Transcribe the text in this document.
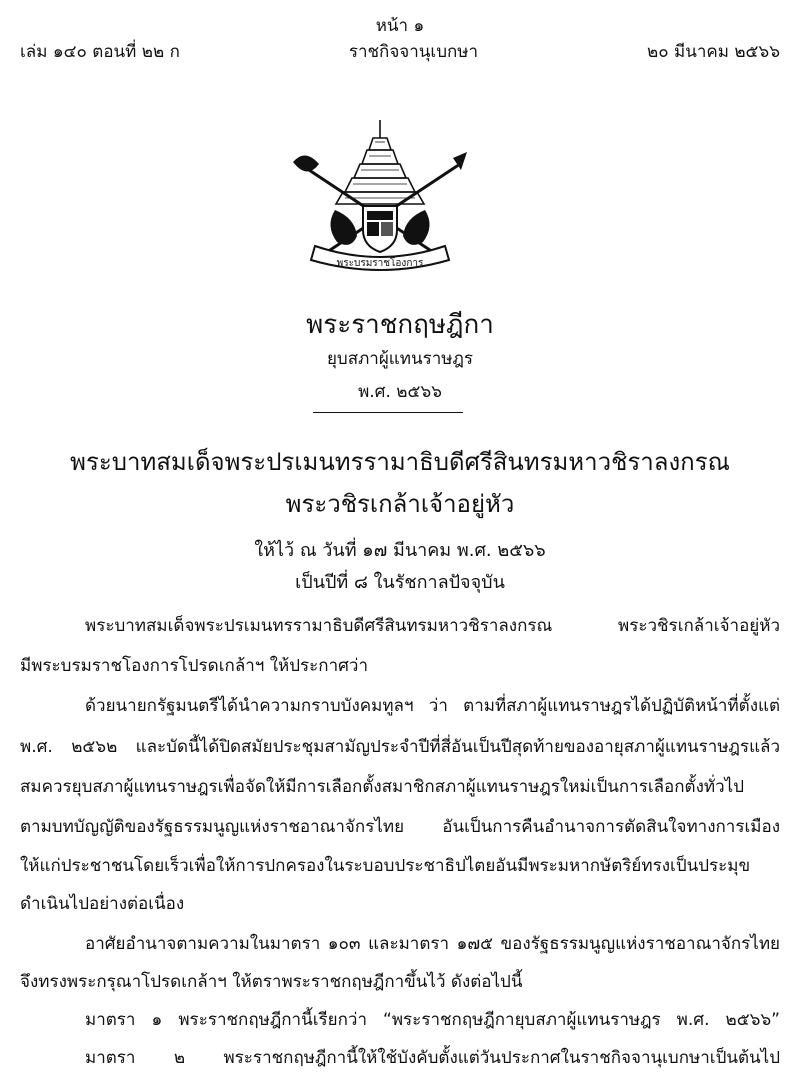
หน้า ๑
เล่ม ๑๔๐ ตอนที่ ๒๒ ก	ราชกิจจานุเบกษา	๒๐ มีนาคม ๒๕๖๖
พระบรมราชโองการ
พระราชกฤษฎีกา
ยุบสภาผู้แทนราษฎร
พ.ศ. ๒๕๖๖
พระบาทสมเด็จพระปรเมนทรรามาธิบดีศรีสินทรมหาวชิราลงกรณ
พระวชิรเกล้าเจ้าอยู่หัว
ให้ไว้ ณ วันที่ ๑๗ มีนาคม พ.ศ. ๒๕๖๖
เป็นปีที่ ๘ ในรัชกาลปัจจุบัน
พระบาทสมเด็จพระปรเมนทรรามาธิบดีศรีสินทรมหาวชิราลงกรณ พระวชิรเกล้าเจ้าอยู่หัว
มีพระบรมราชโองการโปรดเกล้าฯ ให้ประกาศว่า
ด้วยนายกรัฐมนตรีได้นำความกราบบังคมทูลฯ ว่า ตามที่สภาผู้แทนราษฎรได้ปฏิบัติหน้าที่ตั้งแต่
พ.ศ. ๒๕๖๒ และบัดนี้ได้ปิดสมัยประชุมสามัญประจำปีที่สี่อันเป็นปีสุดท้ายของอายุสภาผู้แทนราษฎรแล้ว
สมควรยุบสภาผู้แทนราษฎรเพื่อจัดให้มีการเลือกตั้งสมาชิกสภาผู้แทนราษฎรใหม่เป็นการเลือกตั้งทั่วไป
ตามบทบัญญัติของรัฐธรรมนูญแห่งราชอาณาจักรไทย อันเป็นการคืนอำนาจการตัดสินใจทางการเมือง
ให้แก่ประชาชนโดยเร็วเพื่อให้การปกครองในระบอบประชาธิปไตยอันมีพระมหากษัตริย์ทรงเป็นประมุข
ดำเนินไปอย่างต่อเนื่อง
อาศัยอำนาจตามความในมาตรา ๑๐๓ และมาตรา ๑๗๕ ของรัฐธรรมนูญแห่งราชอาณาจักรไทย
จึงทรงพระกรุณาโปรดเกล้าฯ ให้ตราพระราชกฤษฎีกาขึ้นไว้ ดังต่อไปนี้
มาตรา ๑ พระราชกฤษฎีกานี้เรียกว่า “พระราชกฤษฎีกายุบสภาผู้แทนราษฎร พ.ศ. ๒๕๖๖”
มาตรา ๒ พระราชกฤษฎีกานี้ให้ใช้บังคับตั้งแต่วันประกาศในราชกิจจานุเบกษาเป็นต้นไป
